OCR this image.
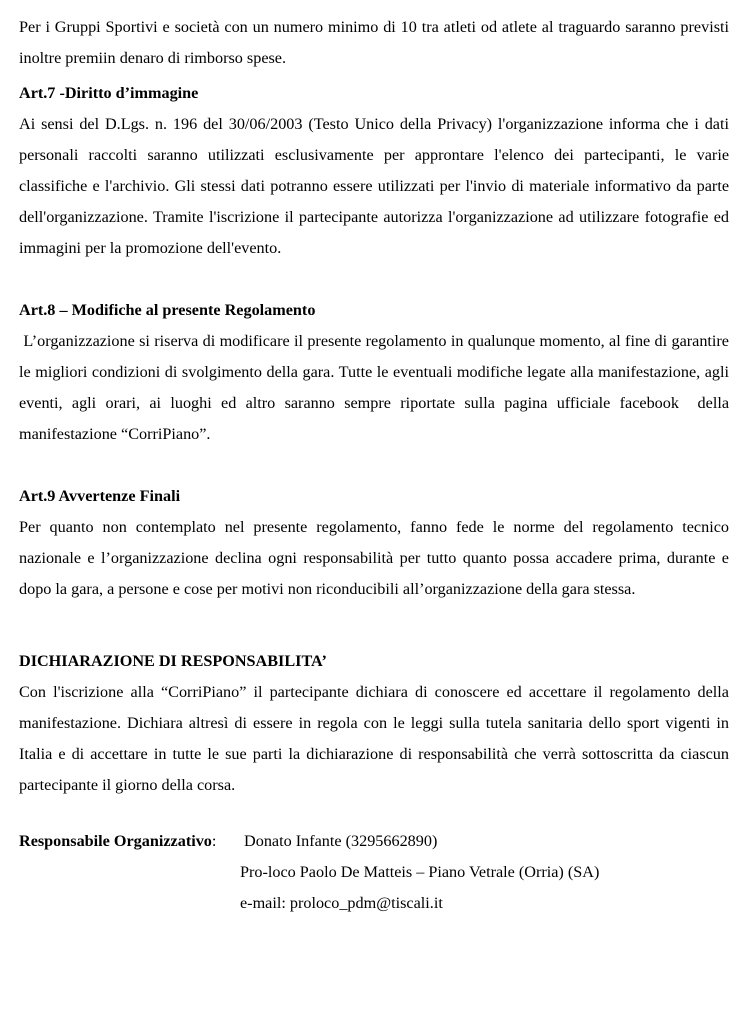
Per i Gruppi Sportivi e società con un numero minimo di 10 tra atleti od atlete al traguardo saranno previsti inoltre premiin denaro di rimborso spese.

Art.7 -Diritto d’immagine

Ai sensi del D.Lgs. n. 196 del 30/06/2003 (Testo Unico della Privacy) l'organizzazione informa che i dati personali raccolti saranno utilizzati esclusivamente per approntare l'elenco dei partecipanti, le varie classifiche e l'archivio. Gli stessi dati potranno essere utilizzati per l'invio di materiale informativo da parte dell'organizzazione. Tramite l'iscrizione il partecipante autorizza l'organizzazione ad utilizzare fotografie ed immagini per la promozione dell'evento.

Art.8 – Modifiche al presente Regolamento

L’organizzazione si riserva di modificare il presente regolamento in qualunque momento, al fine di garantire le migliori condizioni di svolgimento della gara. Tutte le eventuali modifiche legate alla manifestazione, agli eventi, agli orari, ai luoghi ed altro saranno sempre riportate sulla pagina ufficiale facebook  della manifestazione “CorriPiano”.

Art.9 Avvertenze Finali

Per quanto non contemplato nel presente regolamento, fanno fede le norme del regolamento tecnico nazionale e l’organizzazione declina ogni responsabilità per tutto quanto possa accadere prima, durante e dopo la gara, a persone e cose per motivi non riconducibili all’organizzazione della gara stessa.

DICHIARAZIONE DI RESPONSABILITA’

Con l'iscrizione alla “CorriPiano” il partecipante dichiara di conoscere ed accettare il regolamento della manifestazione. Dichiara altresì di essere in regola con le leggi sulla tutela sanitaria dello sport vigenti in Italia e di accettare in tutte le sue parti la dichiarazione di responsabilità che verrà sottoscritta da ciascun partecipante il giorno della corsa.

Responsabile Organizzativo:	Donato Infante (3295662890)
Pro-loco Paolo De Matteis – Piano Vetrale (Orria) (SA)
e-mail: proloco_pdm@tiscali.it
